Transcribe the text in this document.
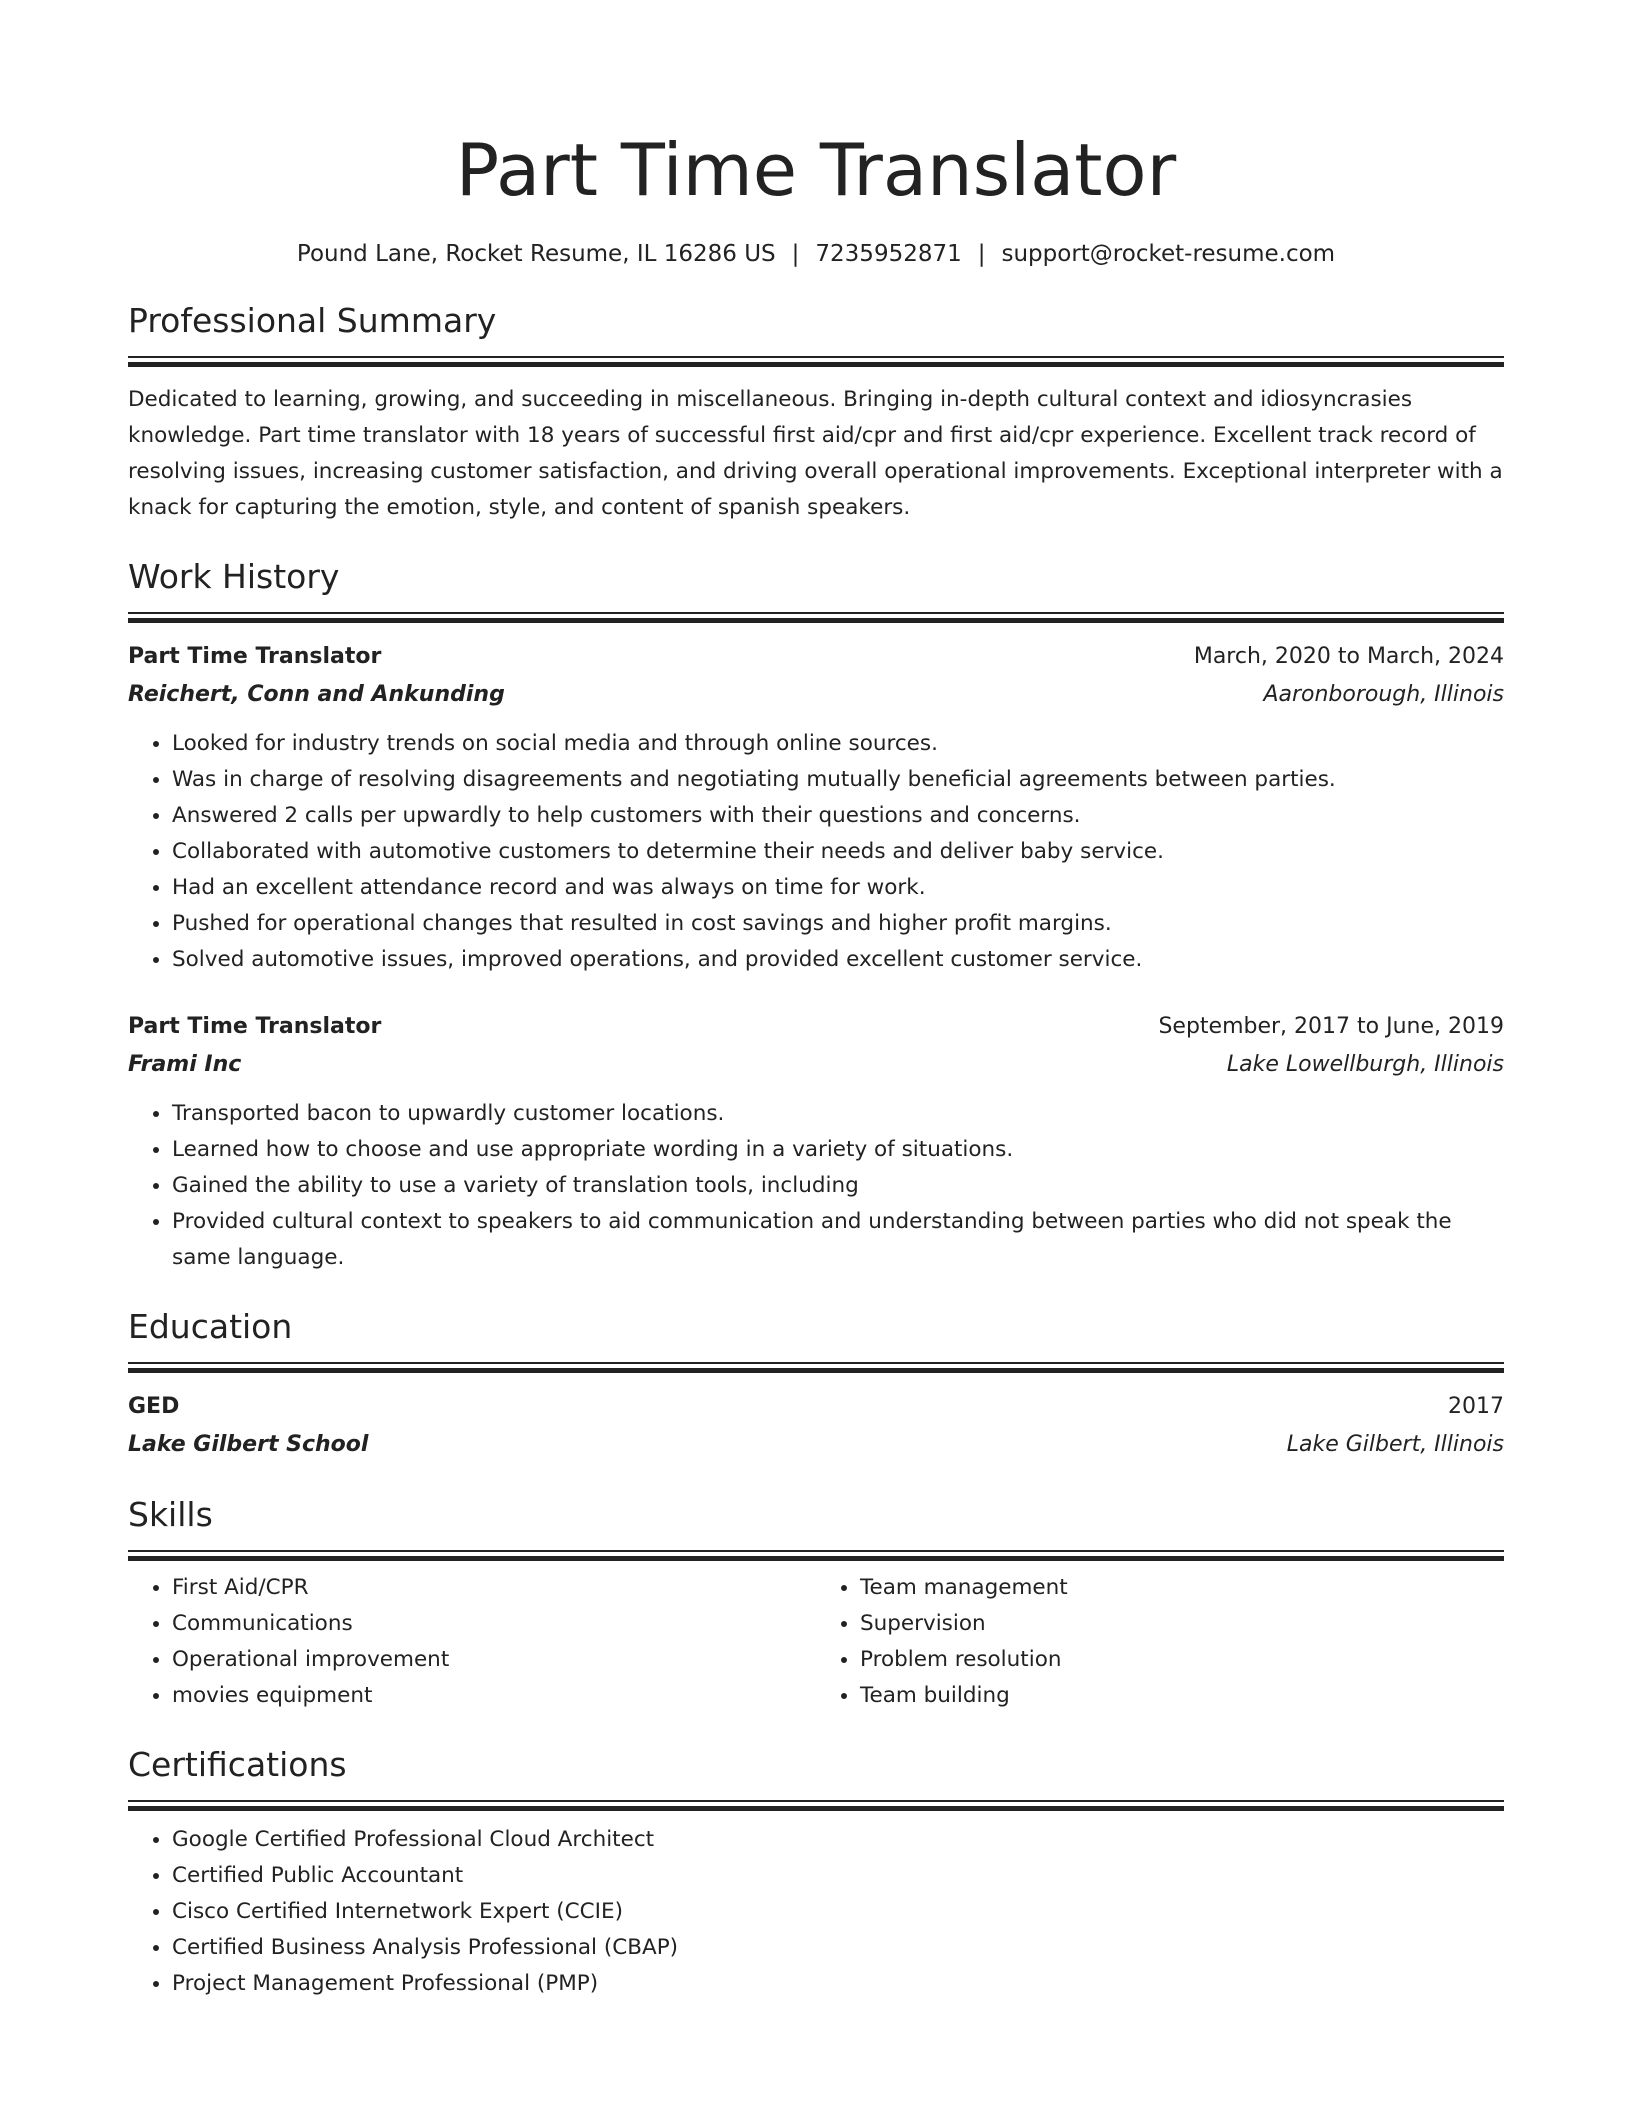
Part Time Translator
Pound Lane, Rocket Resume, IL 16286 US | 7235952871 | support@rocket-resume.com
Professional Summary
Dedicated to learning, growing, and succeeding in miscellaneous. Bringing in-depth cultural context and idiosyncrasies knowledge. Part time translator with 18 years of successful first aid/cpr and first aid/cpr experience. Excellent track record of resolving issues, increasing customer satisfaction, and driving overall operational improvements. Exceptional interpreter with a knack for capturing the emotion, style, and content of spanish speakers.
Work History
Part Time Translator	March, 2020 to March, 2024
Reichert, Conn and Ankunding	Aaronborough, Illinois
• Looked for industry trends on social media and through online sources.
• Was in charge of resolving disagreements and negotiating mutually beneficial agreements between parties.
• Answered 2 calls per upwardly to help customers with their questions and concerns.
• Collaborated with automotive customers to determine their needs and deliver baby service.
• Had an excellent attendance record and was always on time for work.
• Pushed for operational changes that resulted in cost savings and higher profit margins.
• Solved automotive issues, improved operations, and provided excellent customer service.
Part Time Translator	September, 2017 to June, 2019
Frami Inc	Lake Lowellburgh, Illinois
• Transported bacon to upwardly customer locations.
• Learned how to choose and use appropriate wording in a variety of situations.
• Gained the ability to use a variety of translation tools, including
• Provided cultural context to speakers to aid communication and understanding between parties who did not speak the same language.
Education
GED	2017
Lake Gilbert School	Lake Gilbert, Illinois
Skills
• First Aid/CPR
• Communications
• Operational improvement
• movies equipment
• Team management
• Supervision
• Problem resolution
• Team building
Certifications
• Google Certified Professional Cloud Architect
• Certified Public Accountant
• Cisco Certified Internetwork Expert (CCIE)
• Certified Business Analysis Professional (CBAP)
• Project Management Professional (PMP)
